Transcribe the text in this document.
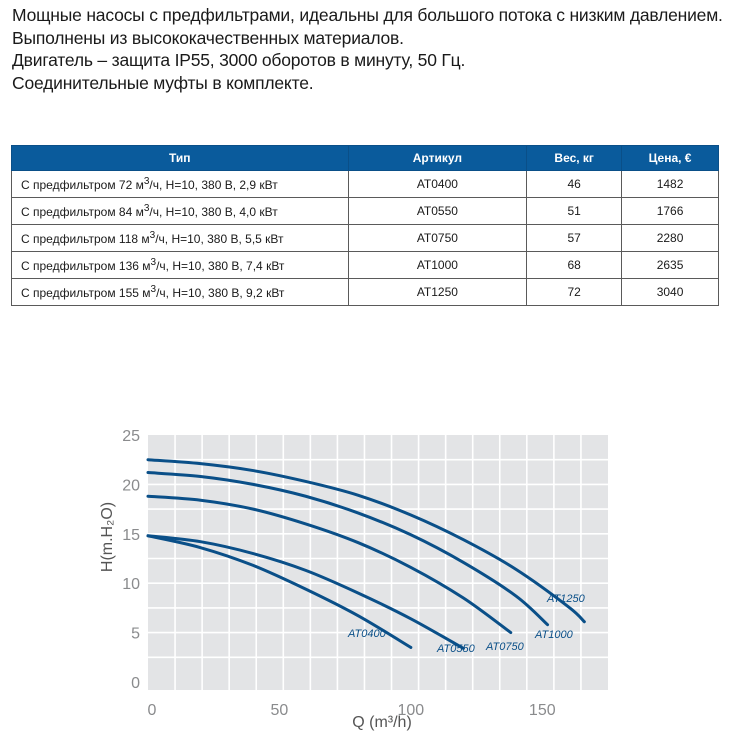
Мощные насосы с предфильтрами, идеальны для большого потока с низким давлением.

Выполнены из высококачественных материалов.

Двигатель – защита IP55, 3000 оборотов в минуту, 50 Гц.

Соединительные муфты в комплекте.

Тип	Артикул	Вес, кг	Цена, €
С предфильтром 72 $м^3/ч$, H=10, 380 В, 2,9 кВт	AT0400	46	1482
С предфильтром 84 $м^3/ч$, H=10, 380 В, 4,0 кВт	AT0550	51	1766
С предфильтром 118 $м^3/ч$, H=10, 380 В, 5,5 кВт	AT0750	57	2280
С предфильтром 136 $м^3/ч$, H=10, 380 В, 7,4 кВт	AT1000	68	2635
С предфильтром 155 $м^3/ч$, H=10, 380 В, 9,2 кВт	AT1250	72	3040
0
5
10
15
20
25
0	50	100	150
AT0400
AT0550 AT0750
AT1000
AT1250
Q (m³/h)
H(m.H₂O)
